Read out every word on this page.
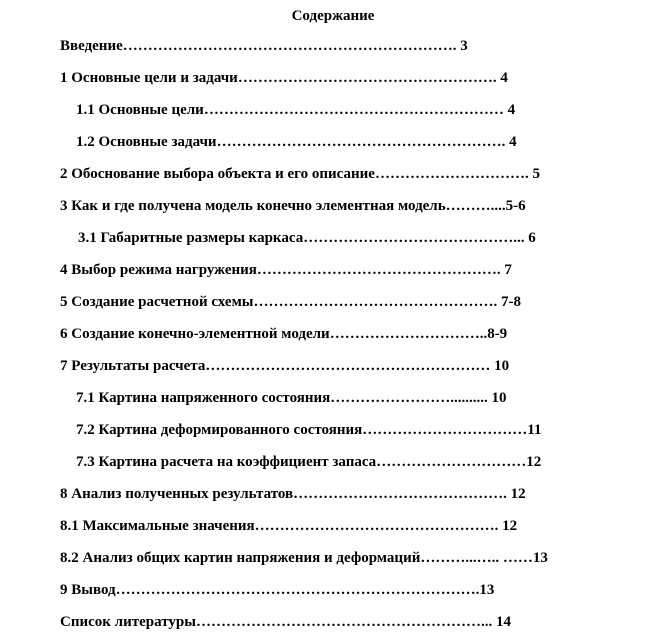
Содержание
Введение…………………………………………………………. 3
1 Основные цели и задачи……………………………………………. 4
1.1 Основные цели…………………………………………………… 4
1.2 Основные задачи…………………………………………………. 4
2 Обоснование выбора объекта и его описание…………………………. 5
3 Как и где получена модель конечно элементная модель………....5-6
3.1 Габаритные размеры каркаса……………………………………... 6
4 Выбор режима нагружения…………………………………………. 7
5 Создание расчетной схемы…………………………………………. 7-8
6 Создание конечно-элементной модели…………………………..8-9
7 Результаты расчета………………………………………………… 10
7.1 Картина напряженного состояния…………………….......... 10
7.2 Картина деформированного состояния……………………………11
7.3 Картина расчета на коэффициент запаса…………………………12
8 Анализ полученных результатов……………………………………. 12
8.1 Максимальные значения…………………………………………. 12
8.2 Анализ общих картин напряжения и деформаций………...….. ……13
9 Вывод……………………………………………………………….13
Список литературы…………………………………………………... 14
